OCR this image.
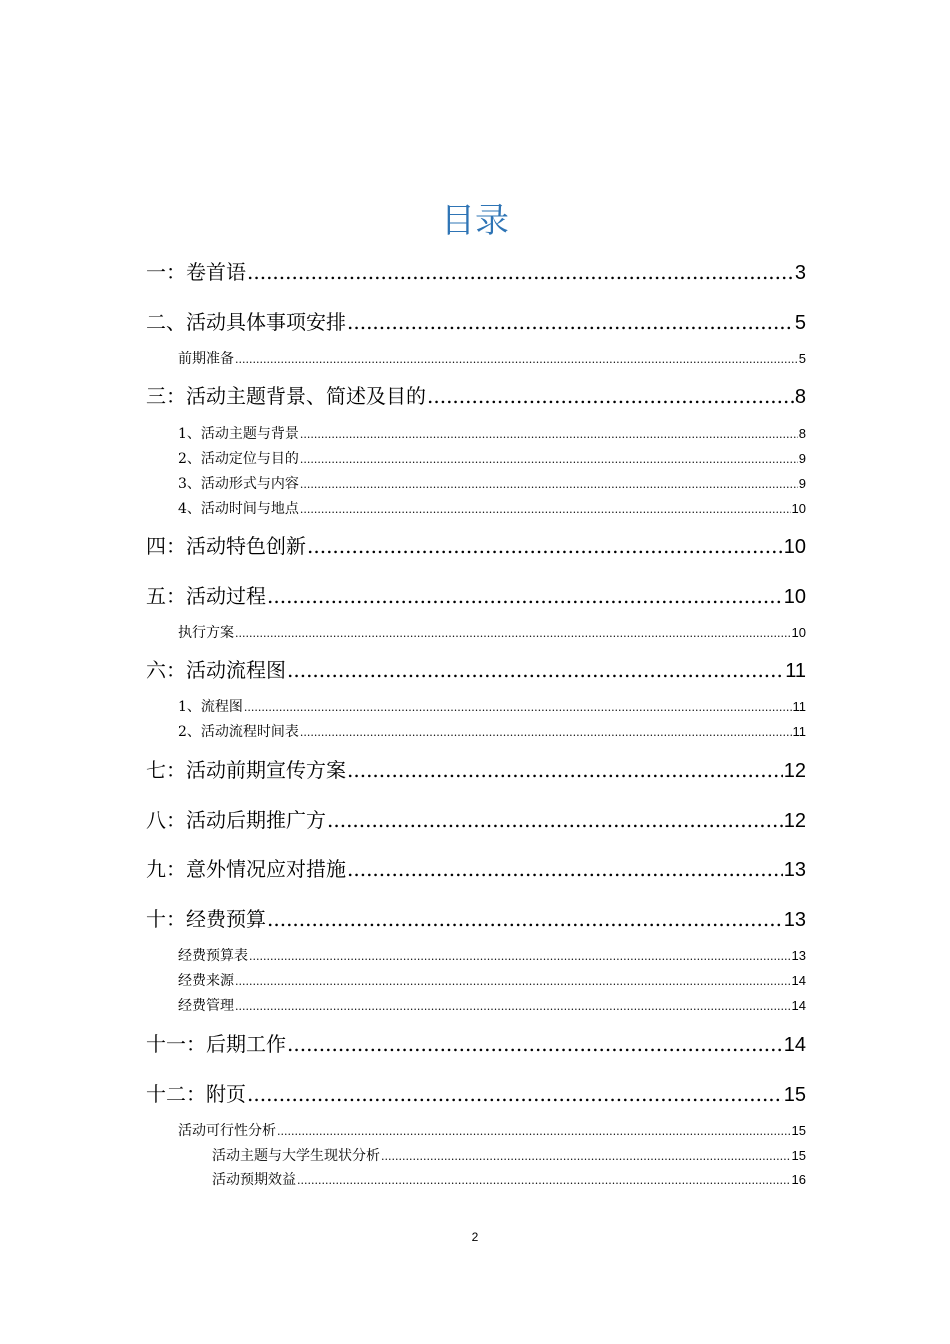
目录
一：卷首语 .....	3
二、活动具体事项安排 .....	5
前期准备 .....	5
三：活动主题背景、简述及目的 .....	8
1、活动主题与背景 .....	8
2、活动定位与目的 .....	9
3、活动形式与内容 .....	9
4、活动时间与地点 .....	10
四：活动特色创新 .....	10
五：活动过程 .....	10
执行方案 .....	10
六：活动流程图 .....	11
1、流程图 .....	11
2、活动流程时间表 .....	11
七：活动前期宣传方案 .....	12
八：活动后期推广方 .....	12
九：意外情况应对措施 .....	13
十：经费预算 .....	13
经费预算表 .....	13
经费来源 .....	14
经费管理 .....	14
十一：后期工作 .....	14
十二：附页 .....	15
活动可行性分析 .....	15
活动主题与大学生现状分析 .....	15
活动预期效益 .....	16
2
